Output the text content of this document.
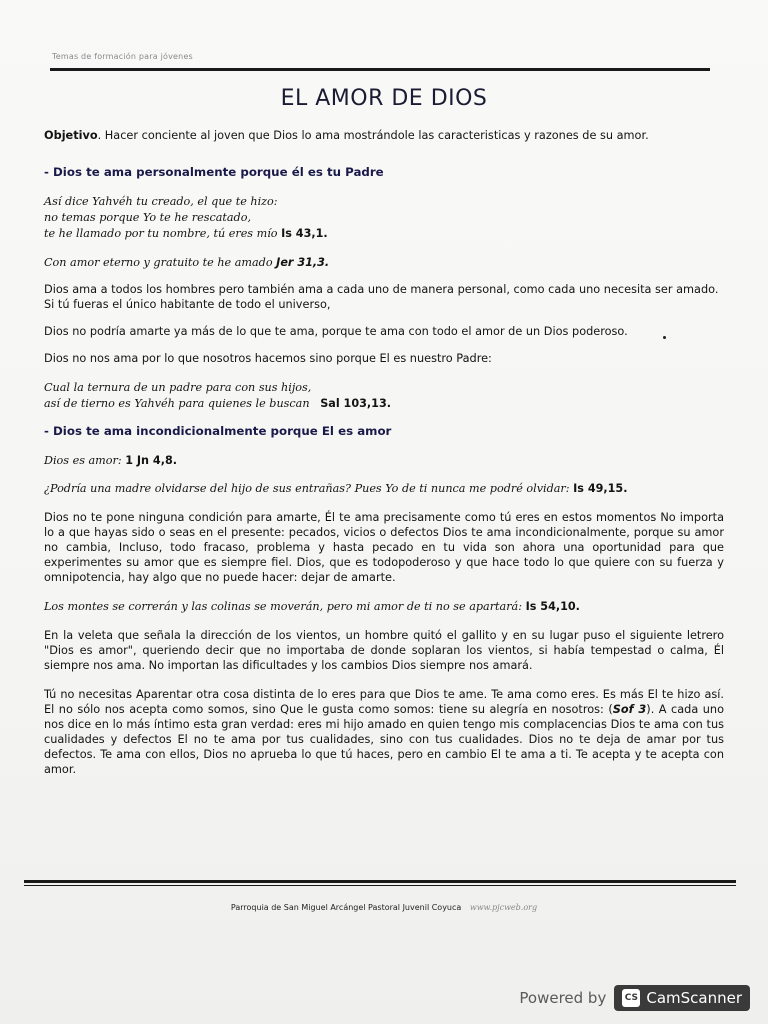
Temas de formación para jóvenes
EL AMOR DE DIOS

Objetivo. Hacer conciente al joven que Dios lo ama mostrándole las caracteristicas y razones de su amor.

- Dios te ama personalmente porque él es tu Padre

Así dice Yahvéh tu creado, el que te hizo:
no temas porque Yo te he rescatado,
te he llamado por tu nombre, tú eres mío Is 43,1.

Con amor eterno y gratuito te he amado Jer 31,3.

Dios ama a todos los hombres pero también ama a cada uno de manera personal, como cada uno necesita ser amado. Si tú fueras el único habitante de todo el universo,

Dios no podría amarte ya más de lo que te ama, porque te ama con todo el amor de un Dios poderoso.

Dios no nos ama por lo que nosotros hacemos sino porque El es nuestro Padre:

Cual la ternura de un padre para con sus hijos,
así de tierno es Yahvéh para quienes le buscan Sal 103,13.

- Dios te ama incondicionalmente porque El es amor

Dios es amor: 1 Jn 4,8.

¿Podría una madre olvidarse del hijo de sus entrañas? Pues Yo de ti nunca me podré olvidar: Is 49,15.

Dios no te pone ninguna condición para amarte, Él te ama precisamente como tú eres en estos momentos No importa lo a que hayas sido o seas en el presente: pecados, vicios o defectos Dios te ama incondicionalmente, porque su amor no cambia, Incluso, todo fracaso, problema y hasta pecado en tu vida son ahora una oportunidad para que experimentes su amor que es siempre fiel. Dios, que es todopoderoso y que hace todo lo que quiere con su fuerza y omnipotencia, hay algo que no puede hacer: dejar de amarte.

Los montes se correrán y las colinas se moverán, pero mi amor de ti no se apartará: Is 54,10.

En la veleta que señala la dirección de los vientos, un hombre quitó el gallito y en su lugar puso el siguiente letrero "Dios es amor", queriendo decir que no importaba de donde soplaran los vientos, si había tempestad o calma, Él siempre nos ama. No importan las dificultades y los cambios Dios siempre nos amará.

Tú no necesitas Aparentar otra cosa distinta de lo eres para que Dios te ame. Te ama como eres. Es más El te hizo así. El no sólo nos acepta como somos, sino Que le gusta como somos: tiene su alegría en nosotros: (Sof 3). A cada uno nos dice en lo más íntimo esta gran verdad: eres mi hijo amado en quien tengo mis complacencias Dios te ama con tus cualidades y defectos El no te ama por tus cualidades, sino con tus cualidades. Dios no te deja de amar por tus defectos. Te ama con ellos, Dios no aprueba lo que tú haces, pero en cambio El te ama a ti. Te acepta y te acepta con amor.

Parroquia de San Miguel Arcángel Pastoral Juvenil Coyuca www.pjcweb.org
Powered by CS CamScanner
